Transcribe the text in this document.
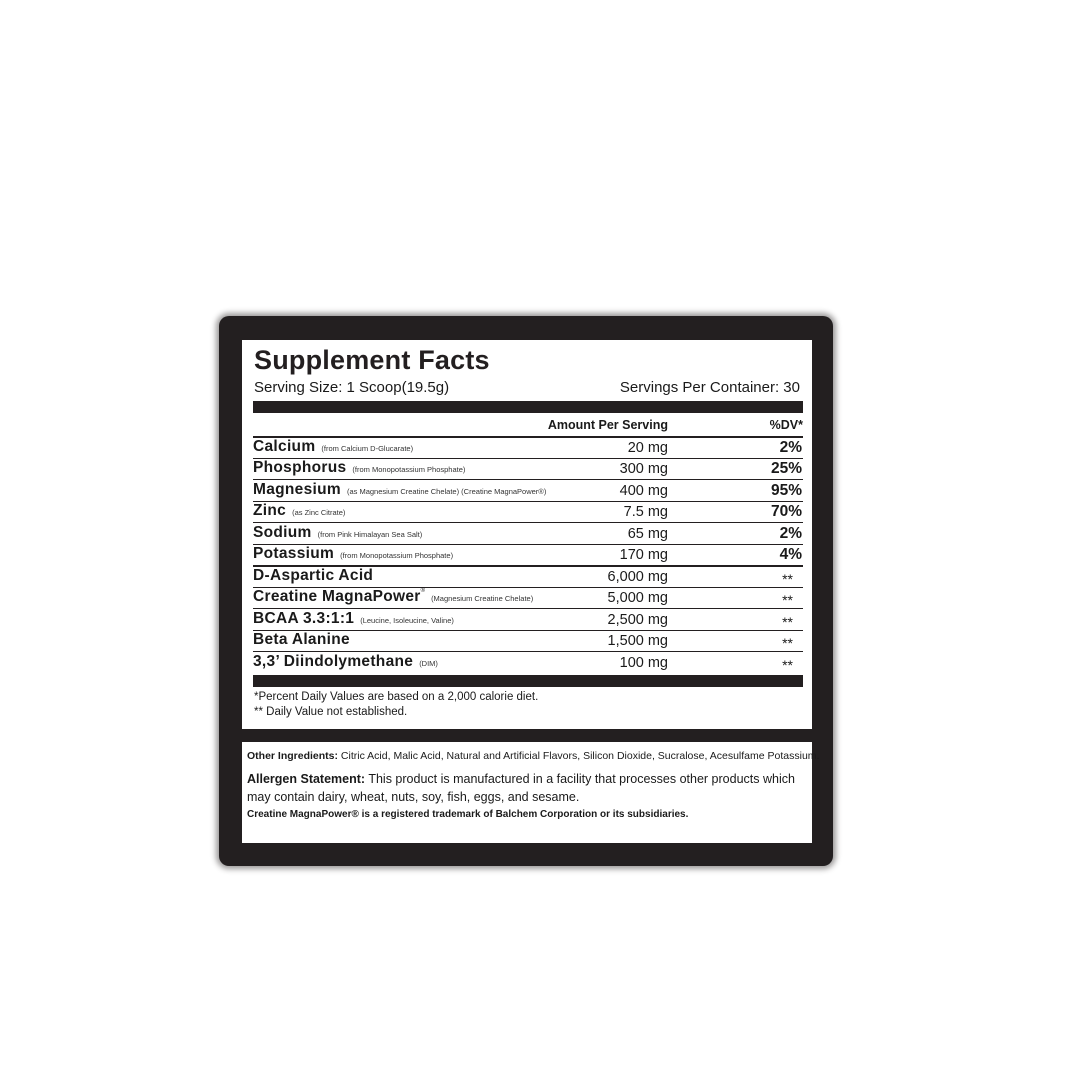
Supplement Facts
Serving Size: 1 Scoop(19.5g)	Servings Per Container: 30
Amount Per Serving	%DV*
Calcium (from Calcium D-Glucarate)	20 mg	2%
Phosphorus (from Monopotassium Phosphate)	300 mg	25%
Magnesium (as Magnesium Creatine Chelate) (Creatine MagnaPower®)	400 mg	95%
Zinc (as Zinc Citrate)	7.5 mg	70%
Sodium (from Pink Himalayan Sea Salt)	65 mg	2%
Potassium (from Monopotassium Phosphate)	170 mg	4%
D-Aspartic Acid	6,000 mg	**
Creatine MagnaPower®(Magnesium Creatine Chelate)	5,000 mg	**
BCAA 3.3:1:1 (Leucine, Isoleucine, Valine)	2,500 mg	**
Beta Alanine	1,500 mg	**
3,3’ Diindolymethane (DIM)	100 mg	**
*Percent Daily Values are based on a 2,000 calorie diet.
** Daily Value not established.
Other Ingredients: Citric Acid, Malic Acid, Natural and Artificial Flavors, Silicon Dioxide, Sucralose, Acesulfame Potassium.
Allergen Statement: This product is manufactured in a facility that processes other products which may contain dairy, wheat, nuts, soy, fish, eggs, and sesame.
Creatine MagnaPower® is a registered trademark of Balchem Corporation or its subsidiaries.
